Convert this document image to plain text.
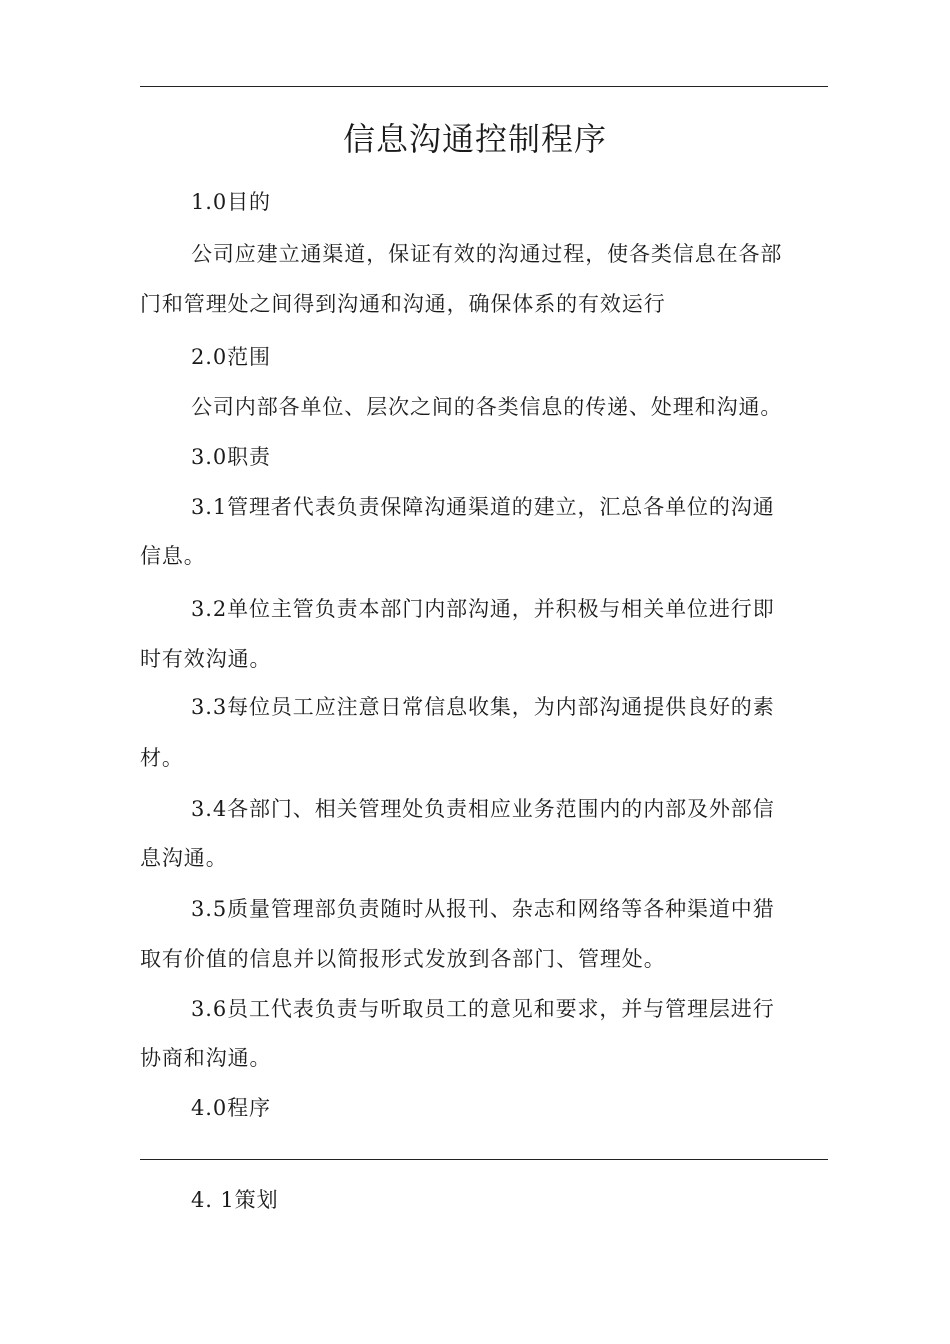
信息沟通控制程序
1.0目的
公司应建立通渠道，保证有效的沟通过程，使各类信息在各部
门和管理处之间得到沟通和沟通，确保体系的有效运行
2.0范围
公司内部各单位、层次之间的各类信息的传递、处理和沟通。
3.0职责
3.1管理者代表负责保障沟通渠道的建立，汇总各单位的沟通
信息。
3.2单位主管负责本部门内部沟通，并积极与相关单位进行即
时有效沟通。
3.3每位员工应注意日常信息收集，为内部沟通提供良好的素
材。
3.4各部门、相关管理处负责相应业务范围内的内部及外部信
息沟通。
3.5质量管理部负责随时从报刊、杂志和网络等各种渠道中猎
取有价值的信息并以简报形式发放到各部门、管理处。
3.6员工代表负责与听取员工的意见和要求，并与管理层进行
协商和沟通。
4.0程序
4. 1策划
